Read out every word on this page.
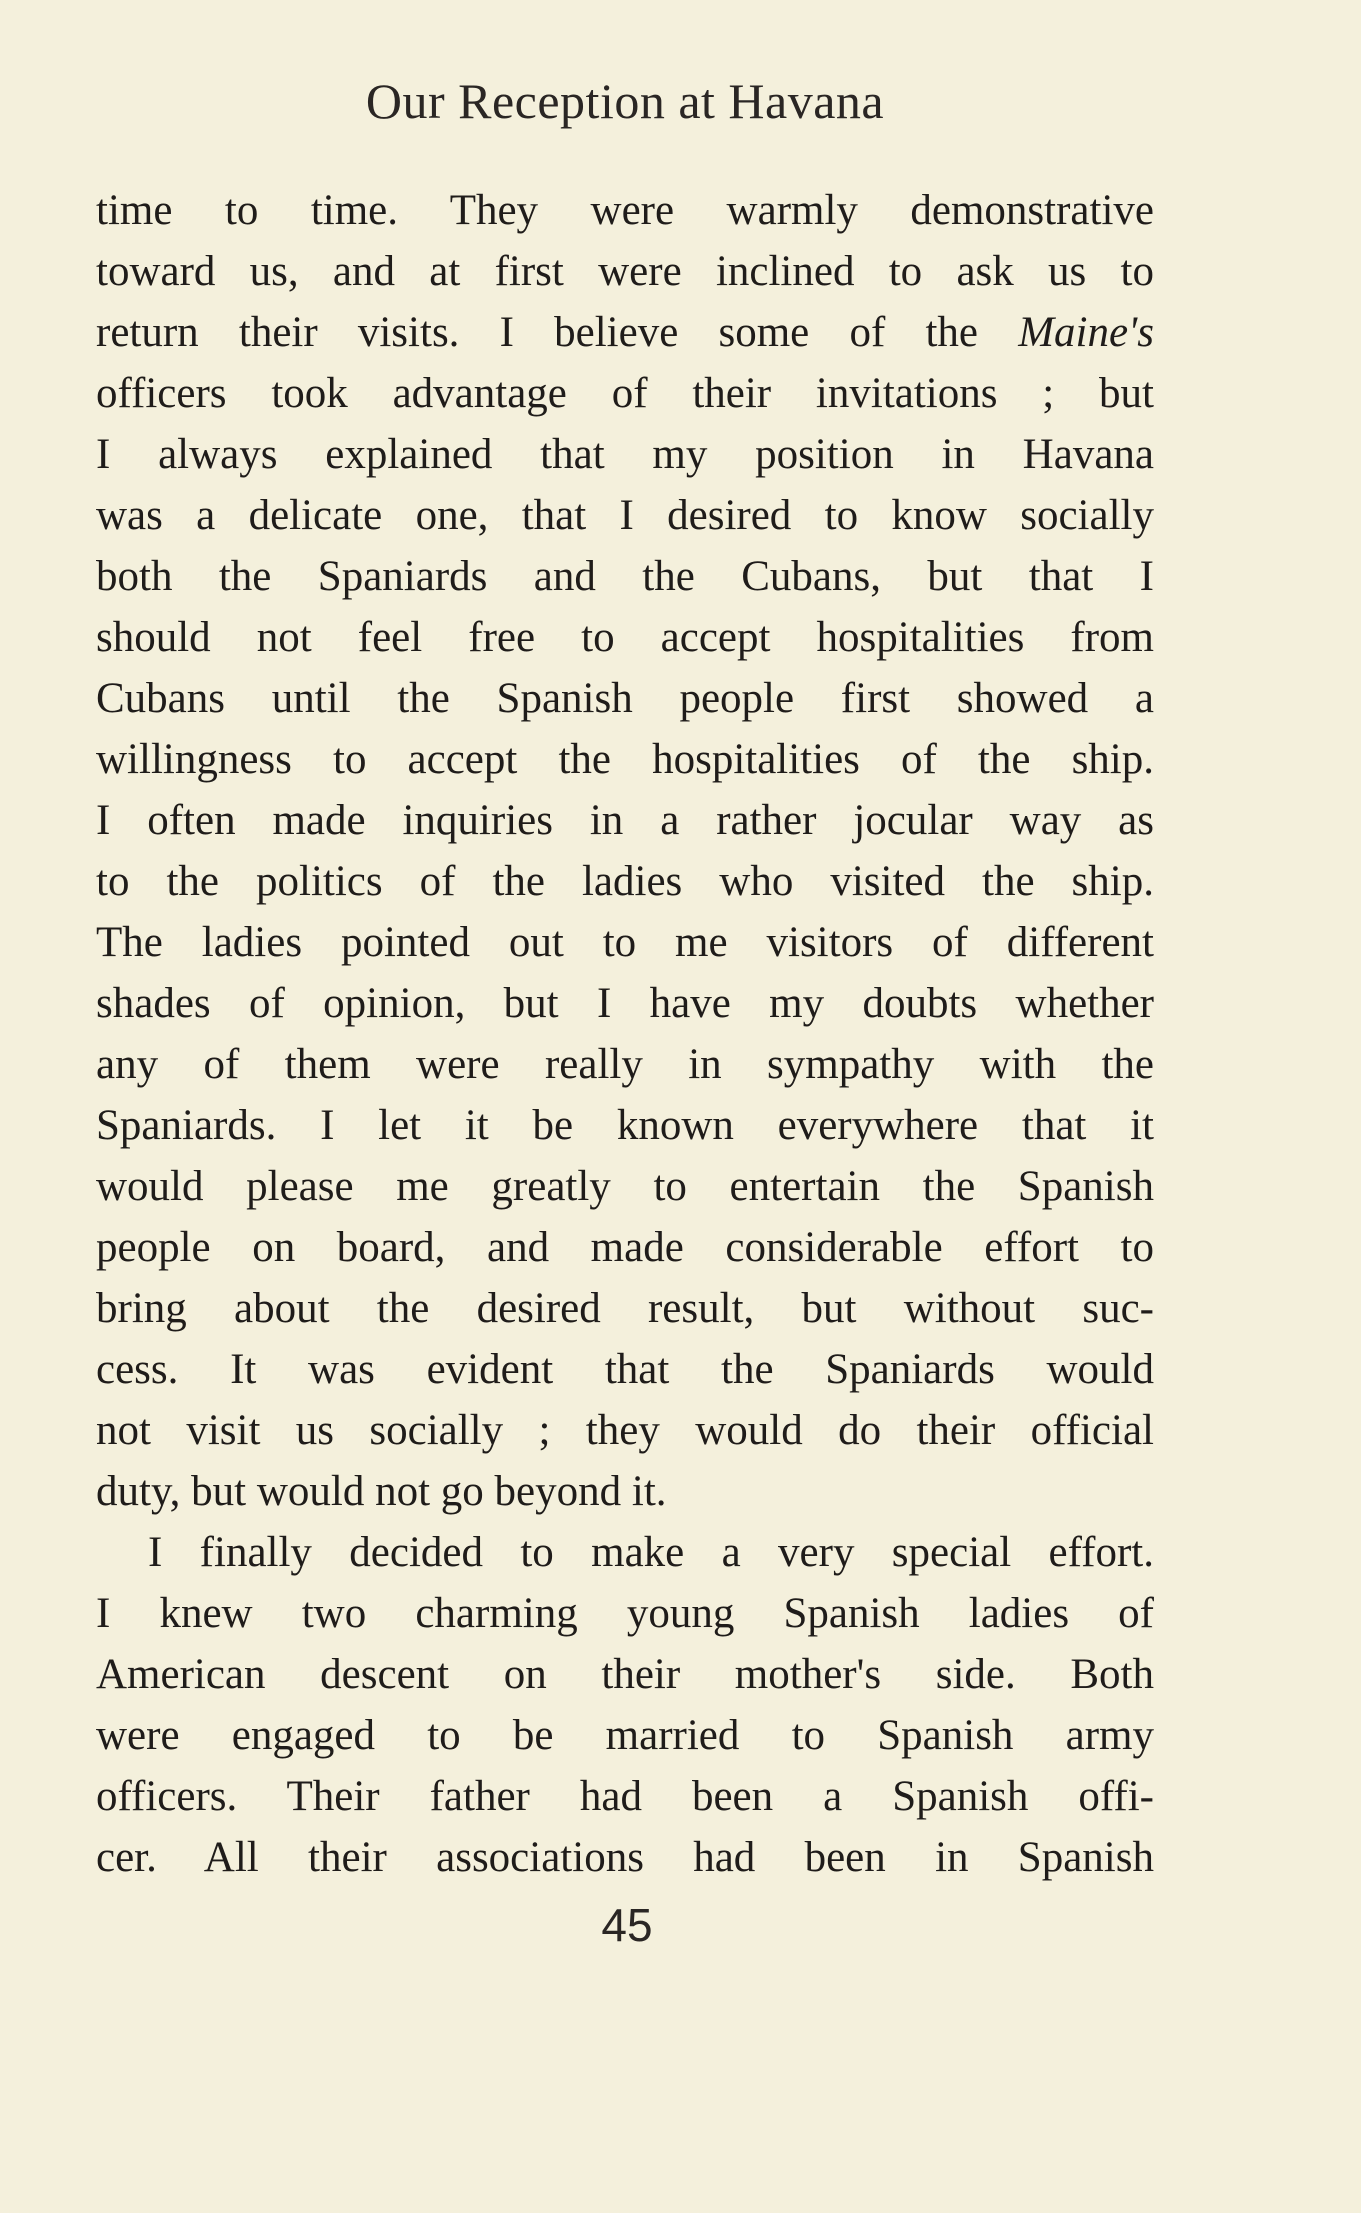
Our Reception at Havana
time to time. They were warmly demonstrative
toward us, and at first were inclined to ask us to
return their visits. I believe some of the Maine's
officers took advantage of their invitations ; but
I always explained that my position in Havana
was a delicate one, that I desired to know socially
both the Spaniards and the Cubans, but that I
should not feel free to accept hospitalities from
Cubans until the Spanish people first showed a
willingness to accept the hospitalities of the ship.
I often made inquiries in a rather jocular way as
to the politics of the ladies who visited the ship.
The ladies pointed out to me visitors of different
shades of opinion, but I have my doubts whether
any of them were really in sympathy with the
Spaniards. I let it be known everywhere that it
would please me greatly to entertain the Spanish
people on board, and made considerable effort to
bring about the desired result, but without suc-
cess. It was evident that the Spaniards would
not visit us socially ; they would do their official
duty, but would not go beyond it.
I finally decided to make a very special effort.
I knew two charming young Spanish ladies of
American descent on their mother's side. Both
were engaged to be married to Spanish army
officers. Their father had been a Spanish offi-
cer. All their associations had been in Spanish
45
